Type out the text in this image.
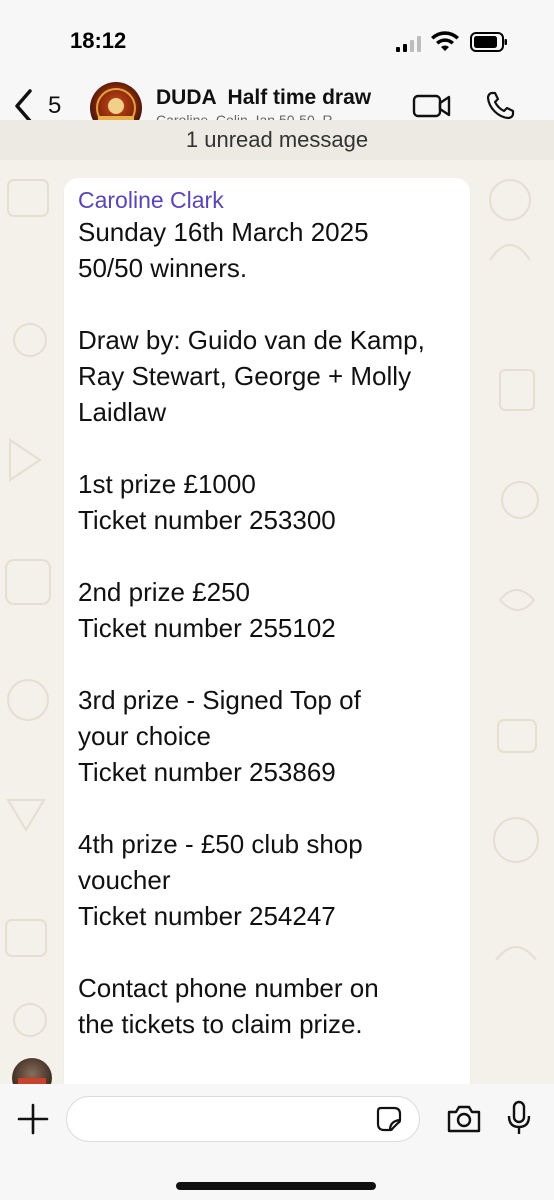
18:12
5	DUDA  Half time draw
1 unread message
Caroline Clark
Sunday 16th March 2025
50/50 winners.
Draw by: Guido van de Kamp,
Ray Stewart, George + Molly
Laidlaw
1st prize £1000
Ticket number 253300
2nd prize £250
Ticket number 255102
3rd prize - Signed Top of
your choice
Ticket number 253869
4th prize - £50 club shop
voucher
Ticket number 254247
Contact phone number on
the tickets to claim prize.
